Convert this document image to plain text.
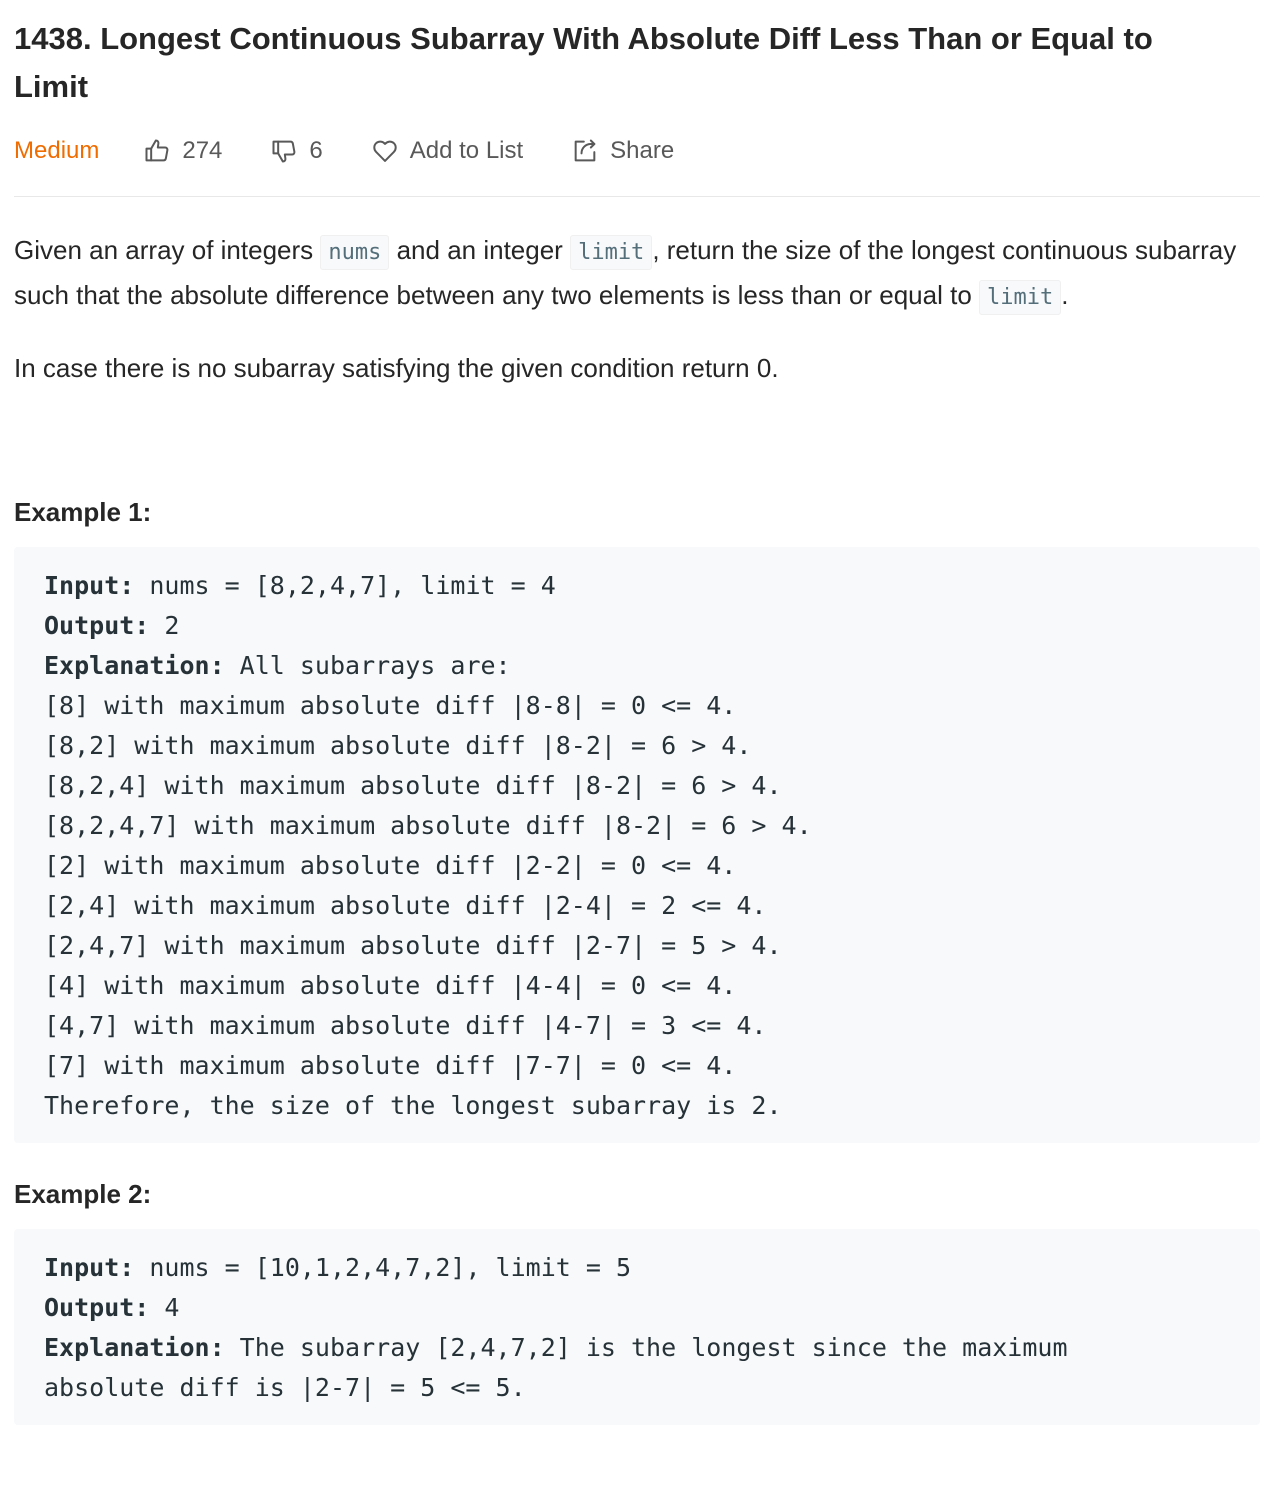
1438. Longest Continuous Subarray With Absolute Diff Less Than or Equal to Limit
Medium	274	6	Add to List	Share

Given an array of integers nums and an integer limit , return the size of the longest continuous subarray such that the absolute difference between any two elements is less than or equal to limit .

In case there is no subarray satisfying the given condition return 0.

Example 1:
Input: nums = [8,2,4,7], limit = 4
Output: 2
Explanation: All subarrays are:
[8] with maximum absolute diff |8-8| = 0 <= 4.
[8,2] with maximum absolute diff |8-2| = 6 > 4.
[8,2,4] with maximum absolute diff |8-2| = 6 > 4.
[8,2,4,7] with maximum absolute diff |8-2| = 6 > 4.
[2] with maximum absolute diff |2-2| = 0 <= 4.
[2,4] with maximum absolute diff |2-4| = 2 <= 4.
[2,4,7] with maximum absolute diff |2-7| = 5 > 4.
[4] with maximum absolute diff |4-4| = 0 <= 4.
[4,7] with maximum absolute diff |4-7| = 3 <= 4.
[7] with maximum absolute diff |7-7| = 0 <= 4.
Therefore, the size of the longest subarray is 2.
Example 2:
Input: nums = [10,1,2,4,7,2], limit = 5
Output: 4
Explanation: The subarray [2,4,7,2] is the longest since the maximum
absolute diff is |2-7| = 5 <= 5.
